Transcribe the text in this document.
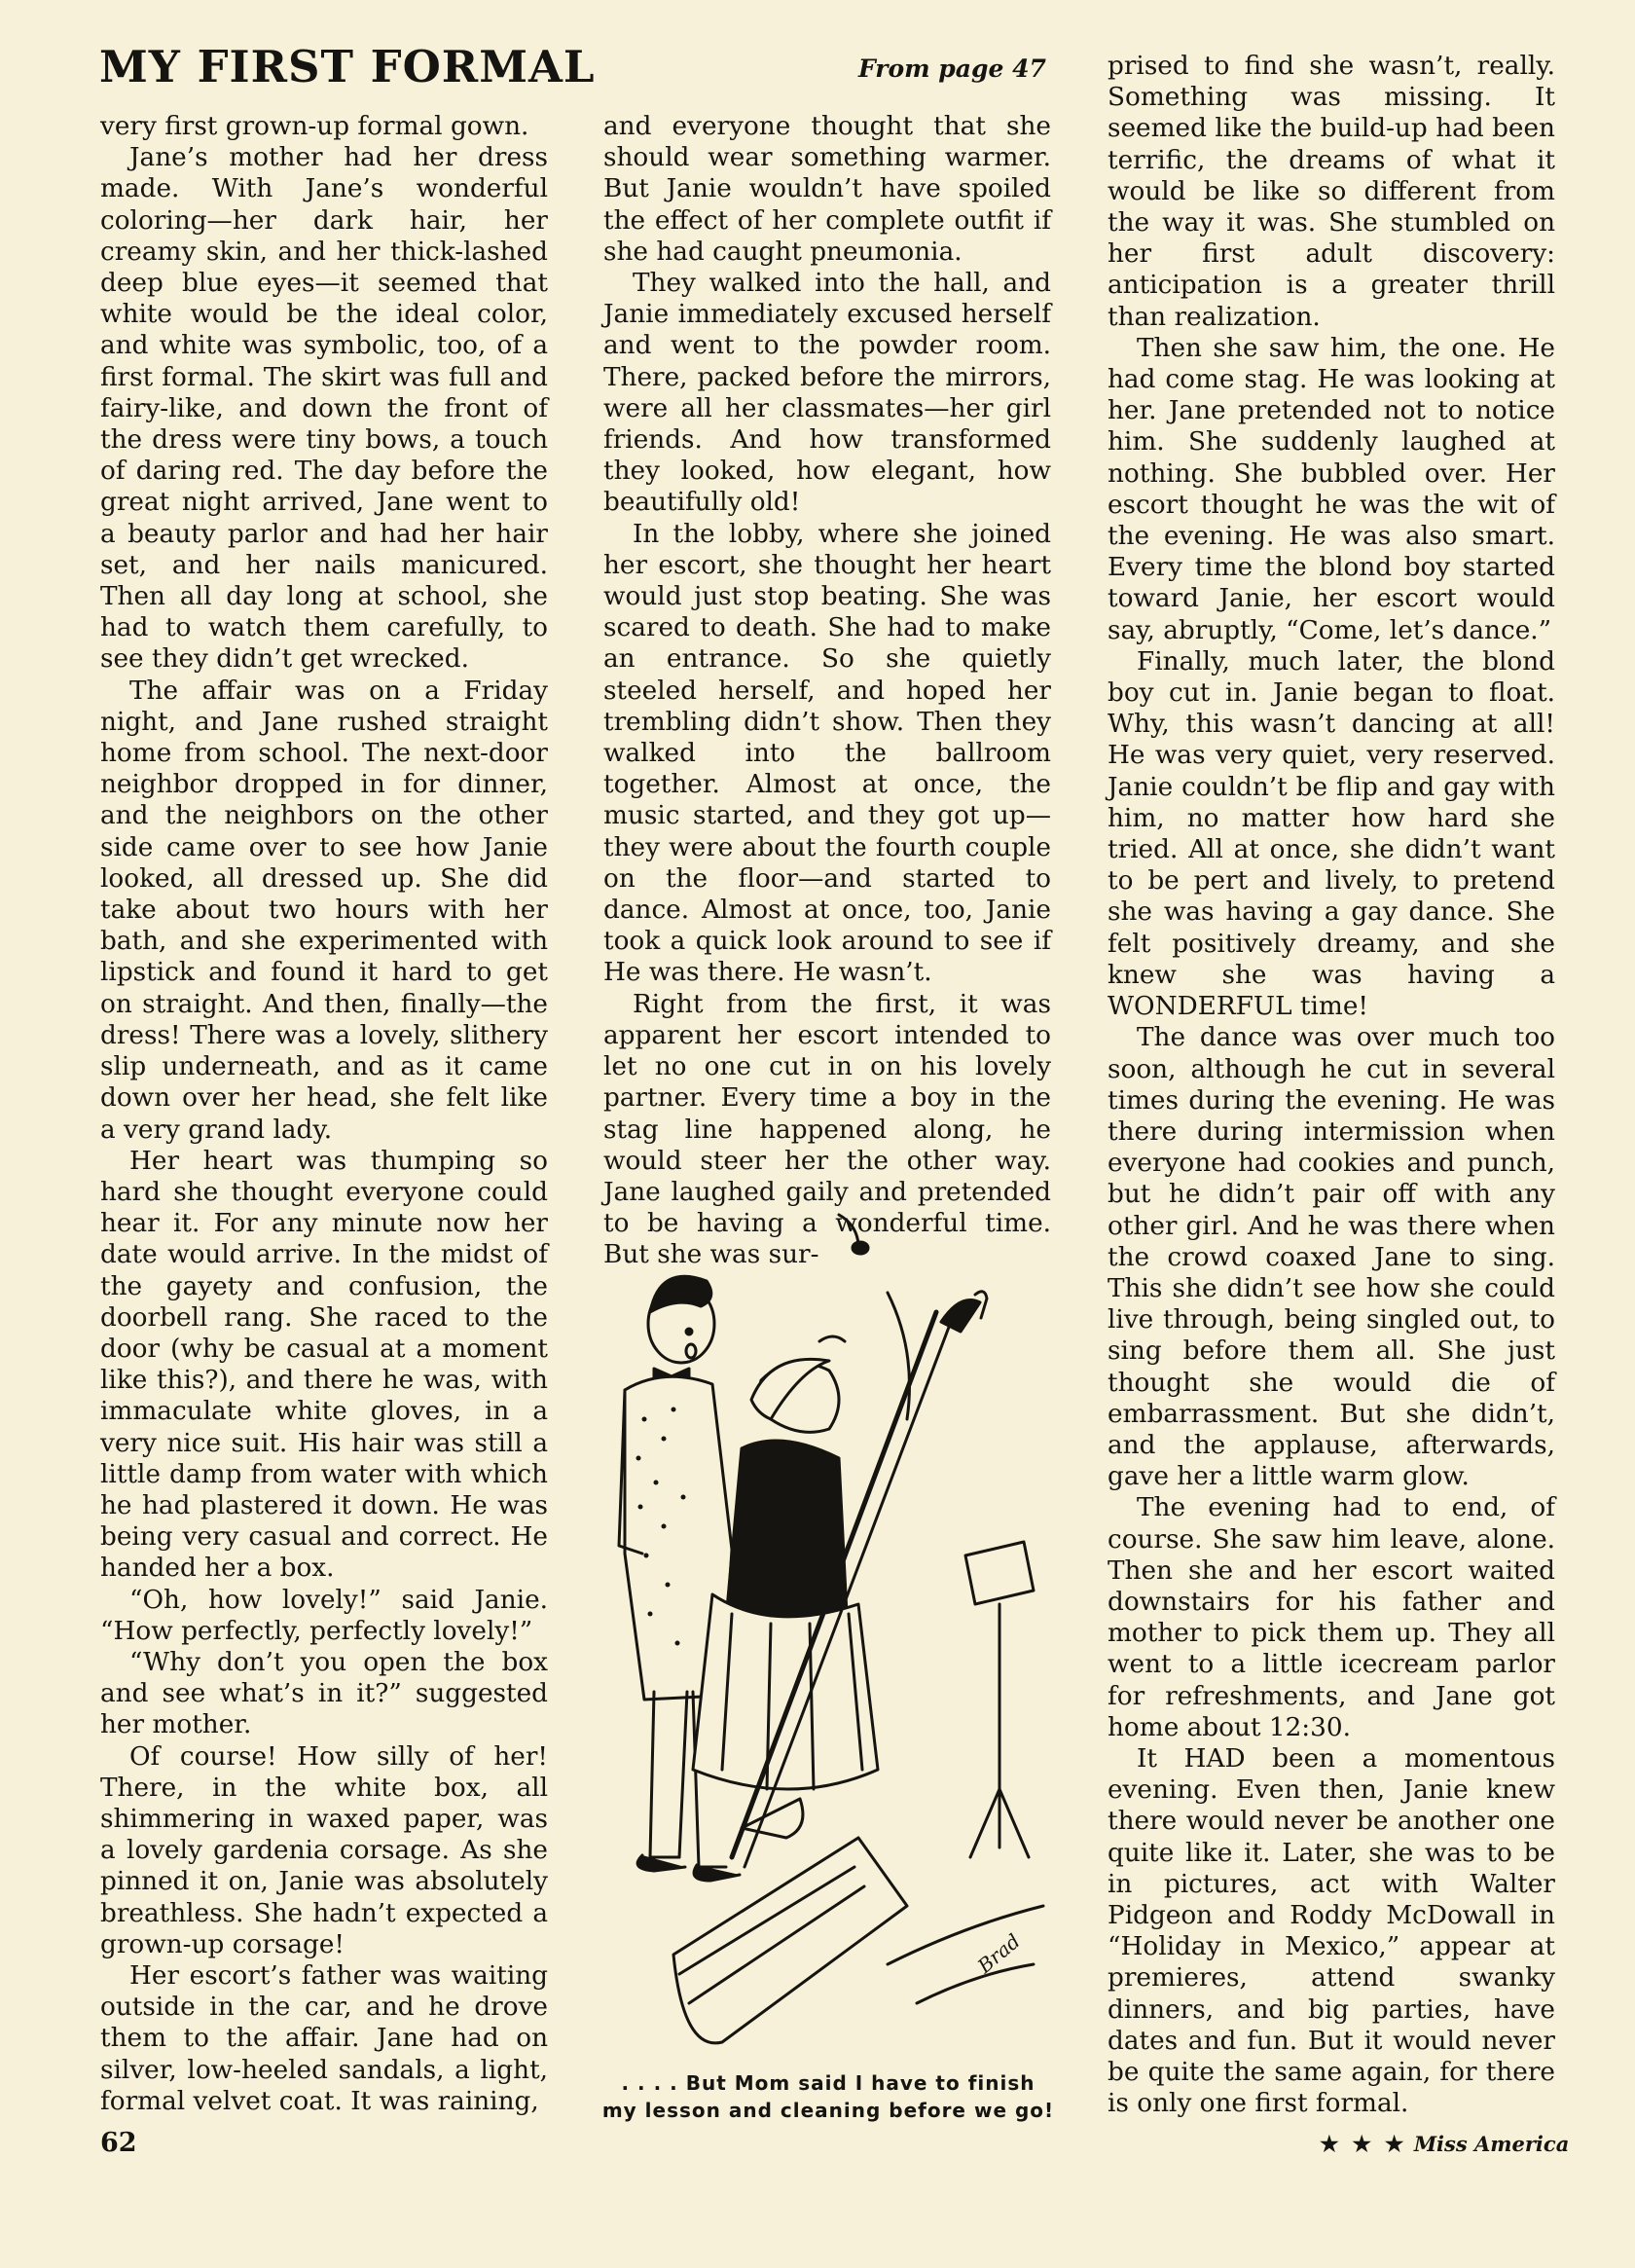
MY FIRST FORMAL	From page 47

very first grown-up formal gown.

Jane’s mother had her dress made. With Jane’s wonderful coloring—her dark hair, her creamy skin, and her thick-lashed deep blue eyes—it seemed that white would be the ideal color, and white was symbolic, too, of a first formal. The skirt was full and fairy-like, and down the front of the dress were tiny bows, a touch of daring red. The day before the great night arrived, Jane went to a beauty parlor and had her hair set, and her nails manicured. Then all day long at school, she had to watch them carefully, to see they didn’t get wrecked.

The affair was on a Friday night, and Jane rushed straight home from school. The next-door neighbor dropped in for dinner, and the neighbors on the other side came over to see how Janie looked, all dressed up. She did take about two hours with her bath, and she experimented with lipstick and found it hard to get on straight. And then, finally—the dress! There was a lovely, slithery slip underneath, and as it came down over her head, she felt like a very grand lady.

Her heart was thumping so hard she thought everyone could hear it. For any minute now her date would arrive. In the midst of the gayety and confusion, the doorbell rang. She raced to the door (why be casual at a moment like this?), and there he was, with immaculate white gloves, in a very nice suit. His hair was still a little damp from water with which he had plastered it down. He was being very casual and correct. He handed her a box.

“Oh, how lovely!” said Janie. “How perfectly, perfectly lovely!”

“Why don’t you open the box and see what’s in it?” suggested her mother.

Of course! How silly of her! There, in the white box, all shimmering in waxed paper, was a lovely gardenia corsage. As she pinned it on, Janie was absolutely breathless. She hadn’t expected a grown-up corsage!

Her escort’s father was waiting outside in the car, and he drove them to the affair. Jane had on silver, low-heeled sandals, a light, formal velvet coat. It was raining,

and everyone thought that she should wear something warmer. But Janie wouldn’t have spoiled the effect of her complete outfit if she had caught pneumonia.

They walked into the hall, and Janie immediately excused herself and went to the powder room. There, packed before the mirrors, were all her classmates—her girl friends. And how transformed they looked, how elegant, how beautifully old!

In the lobby, where she joined her escort, she thought her heart would just stop beating. She was scared to death. She had to make an entrance. So she quietly steeled herself, and hoped her trembling didn’t show. Then they walked into the ballroom together. Almost at once, the music started, and they got up—they were about the fourth couple on the floor—and started to dance. Almost at once, too, Janie took a quick look around to see if He was there. He wasn’t.

Right from the first, it was apparent her escort intended to let no one cut in on his lovely partner. Every time a boy in the stag line happened along, he would steer her the other way. Jane laughed gaily and pretended to be having a wonderful time. But she was sur-

prised to find she wasn’t, really. Something was missing. It seemed like the build-up had been terrific, the dreams of what it would be like so different from the way it was. She stumbled on her first adult discovery: anticipation is a greater thrill than realization.

Then she saw him, the one. He had come stag. He was looking at her. Jane pretended not to notice him. She suddenly laughed at nothing. She bubbled over. Her escort thought he was the wit of the evening. He was also smart. Every time the blond boy started toward Janie, her escort would say, abruptly, “Come, let’s dance.”

Finally, much later, the blond boy cut in. Janie began to float. Why, this wasn’t dancing at all! He was very quiet, very reserved. Janie couldn’t be flip and gay with him, no matter how hard she tried. All at once, she didn’t want to be pert and lively, to pretend she was having a gay dance. She felt positively dreamy, and she knew she was having a WONDERFUL time!

The dance was over much too soon, although he cut in several times during the evening. He was there during intermission when everyone had cookies and punch, but he didn’t pair off with any other girl. And he was there when the crowd coaxed Jane to sing. This she didn’t see how she could live through, being singled out, to sing before them all. She just thought she would die of embarrassment. But she didn’t, and the applause, afterwards, gave her a little warm glow.

The evening had to end, of course. She saw him leave, alone. Then she and her escort waited downstairs for his father and mother to pick them up. They all went to a little icecream parlor for refreshments, and Jane got home about 12:30.

It HAD been a momentous evening. Even then, Janie knew there would never be another one quite like it. Later, she was to be in pictures, act with Walter Pidgeon and Roddy McDowall in “Holiday in Mexico,” appear at premieres, attend swanky dinners, and big parties, have dates and fun. But it would never be quite the same again, for there is only one first formal.

Brad
. . . . But Mom said I have to finish
my lesson and cleaning before we go!
62	★ ★ ★ Miss America
